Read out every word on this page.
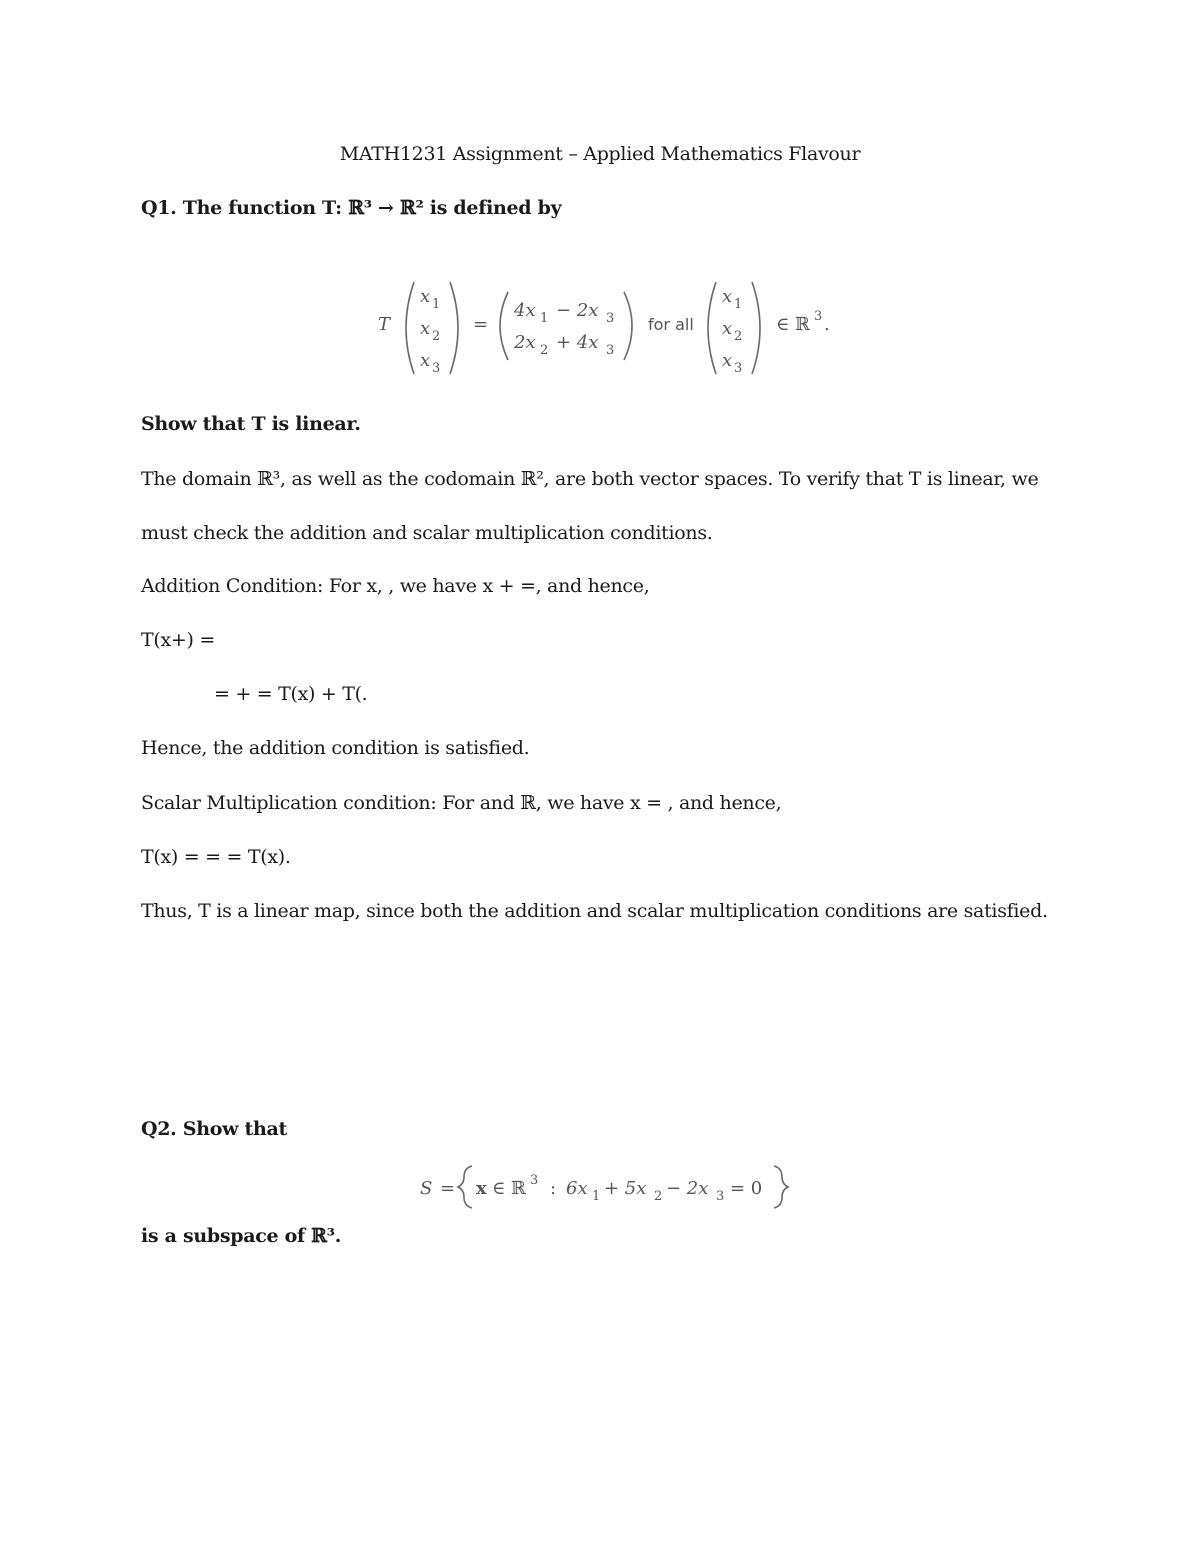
MATH1231 Assignment – Applied Mathematics Flavour
Q1. The function T: ℝ³ → ℝ² is defined by
T
x 1
x 2
x 3
=
4x 1 − 2x 3
2x 2 + 4x 3
for all
x 1
x 2
x 3
∈ ℝ 3 .
Show that T is linear.
The domain ℝ³, as well as the codomain ℝ², are both vector spaces. To verify that T is linear, we
must check the addition and scalar multiplication conditions.
Addition Condition: For x, , we have x + =, and hence,
T(x+) =
= + = T(x) + T(.
Hence, the addition condition is satisfied.
Scalar Multiplication condition: For and ℝ, we have x = , and hence,
T(x) = = = T(x).
Thus, T is a linear map, since both the addition and scalar multiplication conditions are satisfied.
Q2. Show that
S = x ∈ ℝ 3 : 6x 1 + 5x 2 − 2x 3 = 0
is a subspace of ℝ³.
